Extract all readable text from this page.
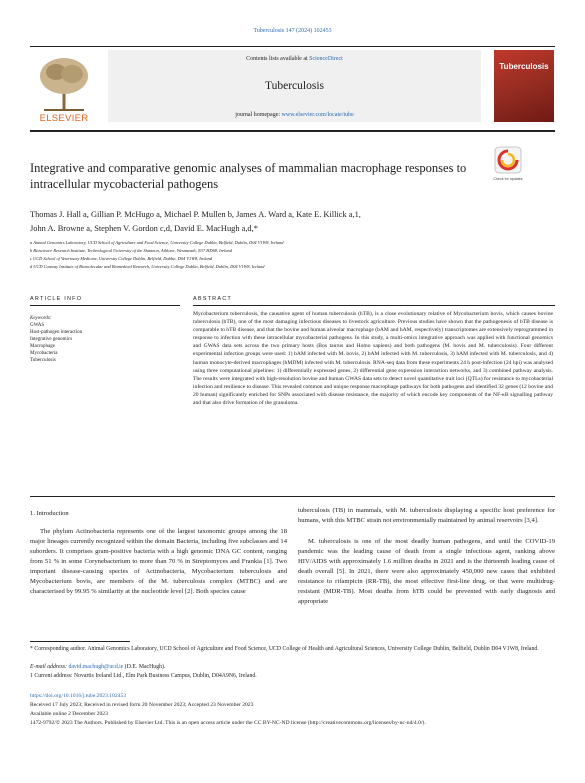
Tuberculosis 147 (2024) 102453
ELSEVIER
Contents lists available at ScienceDirect
Tuberculosis
journal homepage: www.elsevier.com/locate/tube
Tuberculosis
Integrative and comparative genomic analyses of mammalian macrophage responses to intracellular mycobacterial pathogens	Check for updates
Thomas J. Hall a, Gillian P. McHugo a, Michael P. Mullen b, James A. Ward a, Kate E. Killick a,1,
John A. Browne a, Stephen V. Gordon c,d, David E. MacHugh a,d,*
a Animal Genomics Laboratory, UCD School of Agriculture and Food Science, University College Dublin, Belfield, Dublin, D04 V1W8, Ireland
b Bioscience Research Institute, Technological University of the Shannon, Athlone, Westmeath, N37 HD68, Ireland
c UCD School of Veterinary Medicine, University College Dublin, Belfield, Dublin, D04 V1W8, Ireland
d UCD Conway Institute of Biomolecular and Biomedical Research, University College Dublin, Belfield, Dublin, D04 V1W8, Ireland
ARTICLE INFO	ABSTRACT
Keywords:
GWAS
Host-pathogen interaction
Integrative genomics
Macrophage
Mycobacteria
Tuberculosis
Mycobacterium tuberculosis, the causative agent of human tuberculosis (hTB), is a close evolutionary relative of Mycobacterium bovis, which causes bovine tuberculosis (bTB), one of the most damaging infectious diseases to livestock agriculture. Previous studies have shown that the pathogenesis of bTB disease is comparable to hTB disease, and that the bovine and human alveolar macrophage (bAM and hAM, respectively) transcriptomes are extensively reprogrammed in response to infection with these intracellular mycobacterial pathogens. In this study, a multi-omics integrative approach was applied with functional genomics and GWAS data sets across the two primary hosts (Bos taurus and Homo sapiens) and both pathogens (M. bovis and M. tuberculosis). Four different experimental infection groups were used: 1) bAM infected with M. bovis, 2) bAM infected with M. tuberculosis, 3) hAM infected with M. tuberculosis, and 4) human monocyte-derived macrophages (hMDM) infected with M. tuberculosis. RNA-seq data from these experiments 24 h post-infection (24 hpi) was analysed using three computational pipelines: 1) differentially expressed genes, 2) differential gene expression interaction networks, and 3) combined pathway analysis. The results were integrated with high-resolution bovine and human GWAS data sets to detect novel quantitative trait loci (QTLs) for resistance to mycobacterial infection and resilience to disease. This revealed common and unique response macrophage pathways for both pathogens and identified 32 genes (12 bovine and 20 human) significantly enriched for SNPs associated with disease resistance, the majority of which encode key components of the NF-κB signalling pathway and that also drive formation of the granuloma.
1. Introduction
The phylum Actinobacteria represents one of the largest taxonomic groups among the 18 major lineages currently recognized within the domain Bacteria, including five subclasses and 14 suborders. It comprises gram-positive bacteria with a high genomic DNA GC content, ranging from 51 % in some Corynebacterium to more than 70 % in Streptomyces and Frankia [1]. Two important disease-causing species of Actinobacteria, Mycobacterium tuberculosis and Mycobacterium bovis, are members of the M. tuberculosis complex (MTBC) and are characterised by 99.95 % similarity at the nucleotide level [2]. Both species cause
tuberculosis (TB) in mammals, with M. tuberculosis displaying a specific host preference for humans, with this MTBC strain not environmentally maintained by animal reservoirs [3,4].
M. tuberculosis is one of the most deadly human pathogens, and until the COVID-19 pandemic was the leading cause of death from a single infectious agent, ranking above HIV/AIDS with approximately 1.6 million deaths in 2021 and is the thirteenth leading cause of death overall [5]. In 2021, there were also approximately 450,000 new cases that exhibited resistance to rifampicin (RR-TB), the most effective first-line drug, or that were multidrug-resistant (MDR-TB). Most deaths from hTB could be prevented with early diagnosis and appropriate
* Corresponding author. Animal Genomics Laboratory, UCD School of Agriculture and Food Science, UCD College of Health and Agricultural Sciences, University College Dublin, Belfield, Dublin D04 V1W8, Ireland.
E-mail address: david.machugh@ucd.ie (D.E. MacHugh).
1 Current address: Novartis Ireland Ltd., Elm Park Business Campus, Dublin, D04A9N6, Ireland.
https://doi.org/10.1016/j.tube.2023.102453
Received 17 July 2023; Received in revised form 20 November 2023; Accepted 23 November 2023
Available online 2 December 2023
1472-9792/© 2023 The Authors. Published by Elsevier Ltd. This is an open access article under the CC BY-NC-ND license (http://creativecommons.org/licenses/by-nc-nd/4.0/).
